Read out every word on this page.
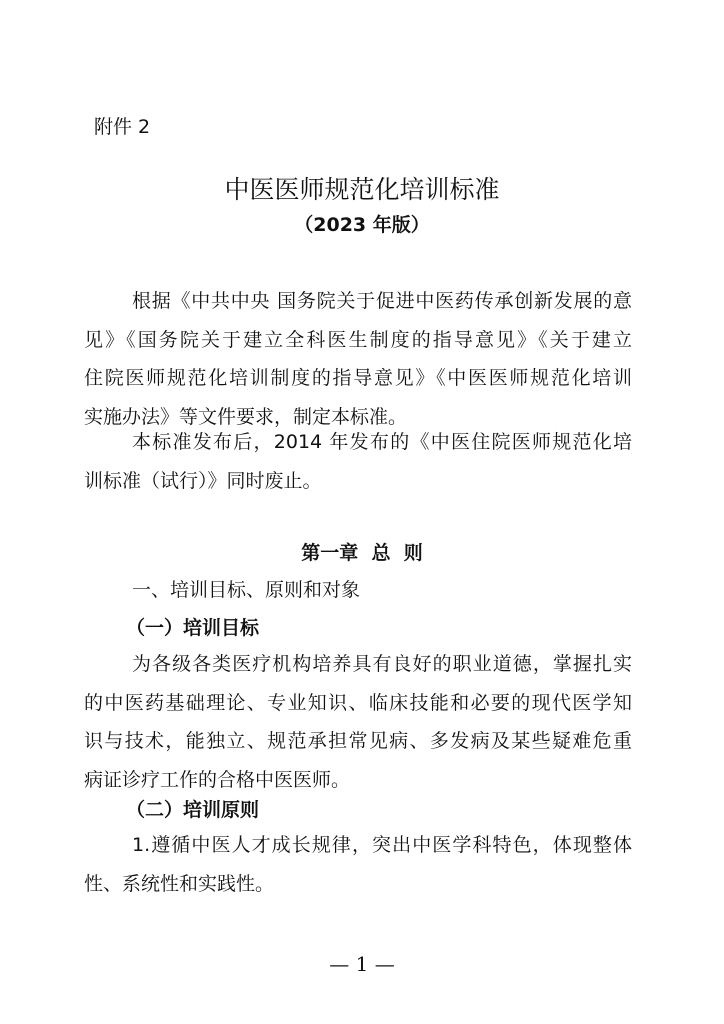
附件 2
中医医师规范化培训标准
（2023 年版）
根据《中共中央 国务院关于促进中医药传承创新发展的意
见》《国务院关于建立全科医生制度的指导意见》《关于建立
住院医师规范化培训制度的指导意见》《中医医师规范化培训
实施办法》等文件要求，制定本标准。
本标准发布后，2014 年发布的《中医住院医师规范化培
训标准（试行）》同时废止。
第一章  总  则
一、培训目标、原则和对象
（一）培训目标
为各级各类医疗机构培养具有良好的职业道德，掌握扎实
的中医药基础理论、专业知识、临床技能和必要的现代医学知
识与技术，能独立、规范承担常见病、多发病及某些疑难危重
病证诊疗工作的合格中医医师。
（二）培训原则
1.遵循中医人才成长规律，突出中医学科特色，体现整体
性、系统性和实践性。
— 1 —
